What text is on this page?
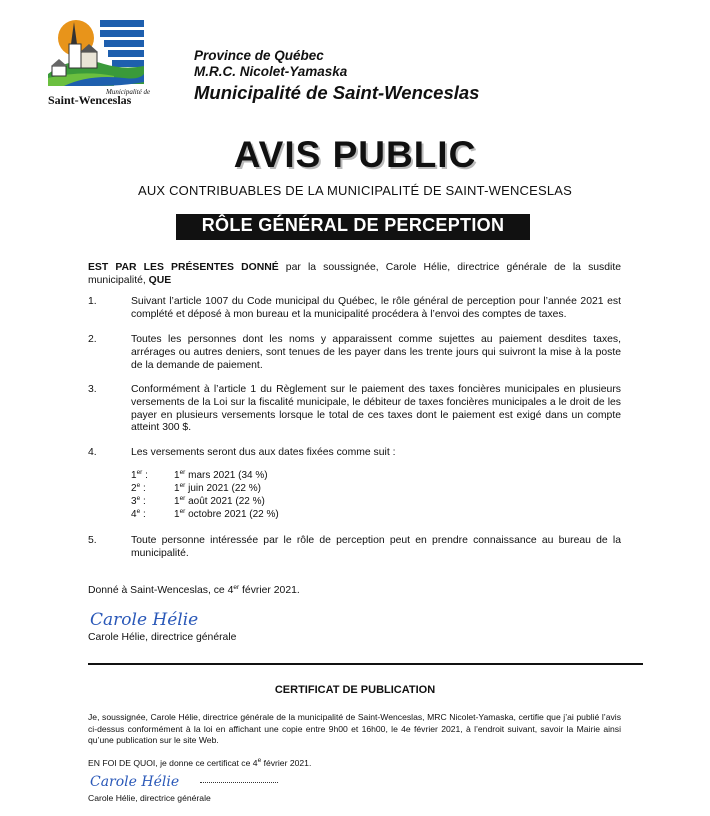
Municipalité de
Saint-Wenceslas
Province de Québec
M.R.C. Nicolet-Yamaska
Municipalité de Saint-Wenceslas
AVIS PUBLIC
AUX CONTRIBUABLES DE LA MUNICIPALITÉ DE SAINT-WENCESLAS
RÔLE GÉNÉRAL DE PERCEPTION
EST PAR LES PRÉSENTES DONNÉ par la soussignée, Carole Hélie, directrice générale de la susdite municipalité, QUE
1.	Suivant l’article 1007 du Code municipal du Québec, le rôle général de perception pour l’année 2021 est complété et déposé à mon bureau et la municipalité procédera à l’envoi des comptes de taxes.
2.	Toutes les personnes dont les noms y apparaissent comme sujettes au paiement desdites taxes, arrérages ou autres deniers, sont tenues de les payer dans les trente jours qui suivront la mise à la poste de la demande de paiement.
3.	Conformément à l’article 1 du Règlement sur le paiement des taxes foncières municipales en plusieurs versements de la Loi sur la fiscalité municipale, le débiteur de taxes foncières municipales a le droit de les payer en plusieurs versements lorsque le total de ces taxes dont le paiement est exigé dans un compte atteint 300 $.
4.	Les versements seront dus aux dates fixées comme suit :
1er :	1er mars 2021 (34 %)
2e :	1er juin 2021 (22 %)
3e :	1er août 2021 (22 %)
4e :	1er octobre 2021 (22 %)
5.	Toute personne intéressée par le rôle de perception peut en prendre connaissance au bureau de la municipalité.
Donné à Saint-Wenceslas, ce 4er février 2021.
Carole Hélie
Carole Hélie, directrice générale
CERTIFICAT DE PUBLICATION
Je, soussignée, Carole Hélie, directrice générale de la municipalité de Saint-Wenceslas, MRC Nicolet-Yamaska, certifie que j’ai publié l’avis ci-dessus conformément à la loi en affichant une copie entre 9h00 et 16h00, le 4e février 2021, à l’endroit suivant, savoir la Mairie ainsi qu’une publication sur le site Web.
EN FOI DE QUOI, je donne ce certificat ce 4e février 2021.
Carole Hélie
Carole Hélie, directrice générale
